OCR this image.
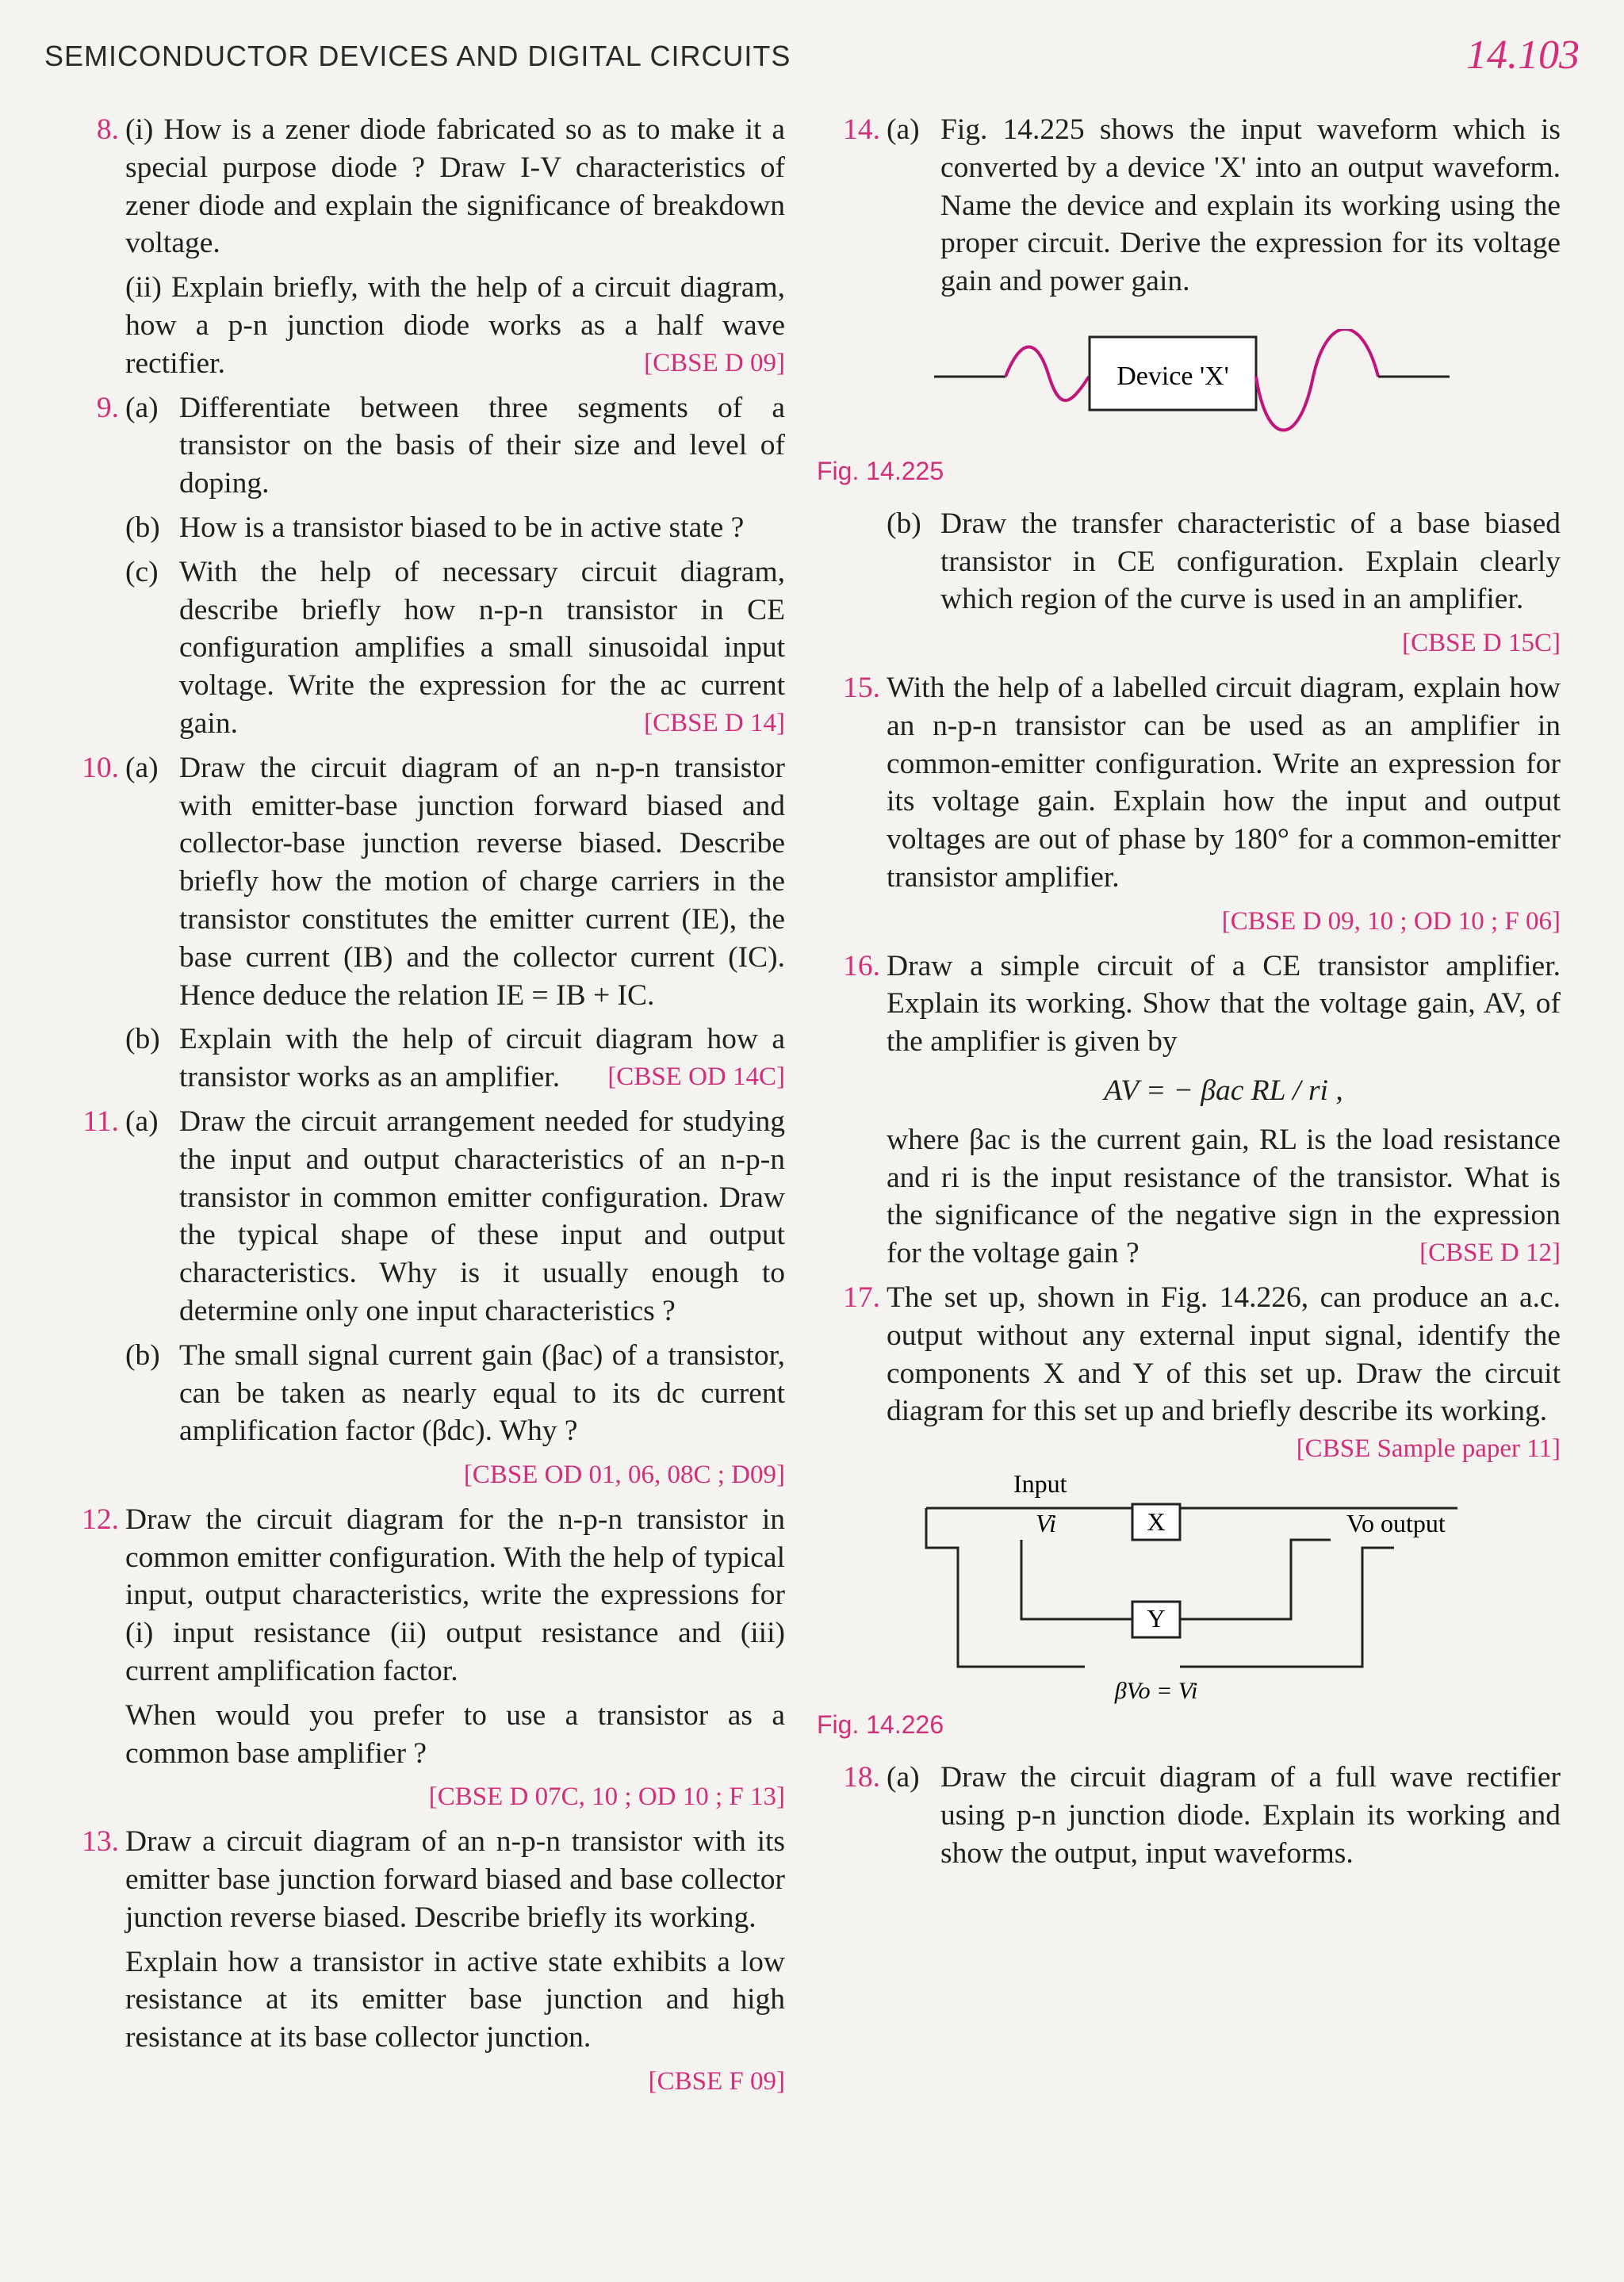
SEMICONDUCTOR DEVICES AND DIGITAL CIRCUITS	14.103
8. (i) How is a zener diode fabricated so as to make it a special purpose diode ? Draw I-V characteristics of zener diode and explain the significance of breakdown voltage.

(ii) Explain briefly, with the help of a circuit diagram, how a p-n junction diode works as a half wave rectifier.	[CBSE D 09]

9. (a) Differentiate between three segments of a transistor on the basis of their size and level of doping.

(b) How is a transistor biased to be in active state ?

(c) With the help of necessary circuit diagram, describe briefly how n-p-n transistor in CE configuration amplifies a small sinusoidal input voltage. Write the expression for the ac current gain.	[CBSE D 14]

10. (a) Draw the circuit diagram of an n-p-n transistor with emitter-base junction forward biased and collector-base junction reverse biased. Describe briefly how the motion of charge carriers in the transistor constitutes the emitter current (IE), the base current (IB) and the collector current (IC). Hence deduce the relation IE = IB + IC.

(b) Explain with the help of circuit diagram how a transistor works as an amplifier. [CBSE OD 14C]

11. (a) Draw the circuit arrangement needed for studying the input and output characteristics of an n-p-n transistor in common emitter configuration. Draw the typical shape of these input and output characteristics. Why is it usually enough to determine only one input characteristics ?

(b) The small signal current gain (βac) of a transistor, can be taken as nearly equal to its dc current amplification factor (βdc). Why ?

[CBSE OD 01, 06, 08C ; D09]
12. Draw the circuit diagram for the n-p-n transistor in common emitter configuration. With the help of typical input, output characteristics, write the expressions for (i) input resistance (ii) output resistance and (iii) current amplification factor.

When would you prefer to use a transistor as a common base amplifier ?

[CBSE D 07C, 10 ; OD 10 ; F 13]
13. Draw a circuit diagram of an n-p-n transistor with its emitter base junction forward biased and base collector junction reverse biased. Describe briefly its working.

Explain how a transistor in active state exhibits a low resistance at its emitter base junction and high resistance at its base collector junction.

[CBSE F 09]
14. (a) Fig. 14.225 shows the input waveform which is converted by a device 'X' into an output waveform. Name the device and explain its working using the proper circuit. Derive the expression for its voltage gain and power gain.

Device 'X'
Fig. 14.225
(b) Draw the transfer characteristic of a base biased transistor in CE configuration. Explain clearly which region of the curve is used in an amplifier.

[CBSE D 15C]
15. With the help of a labelled circuit diagram, explain how an n-p-n transistor can be used as an amplifier in common-emitter configuration. Write an expression for its voltage gain. Explain how the input and output voltages are out of phase by 180° for a common-emitter transistor amplifier.

[CBSE D 09, 10 ; OD 10 ; F 06]
16. Draw a simple circuit of a CE transistor amplifier. Explain its working. Show that the voltage gain, AV, of the amplifier is given by

AV = − βac RL / ri ,

where βac is the current gain, RL is the load resistance and ri is the input resistance of the transistor. What is the significance of the negative sign in the expression for the voltage gain ?	[CBSE D 12]

17. The set up, shown in Fig. 14.226, can produce an a.c. output without any external input signal, identify the components X and Y of this set up. Draw the circuit diagram for this set up and briefly describe its working.
[CBSE Sample paper 11]

Input
X
Vi	Vo output
Y
βVo = Vi
Fig. 14.226
18. (a) Draw the circuit diagram of a full wave rectifier using p-n junction diode. Explain its working and show the output, input waveforms.
